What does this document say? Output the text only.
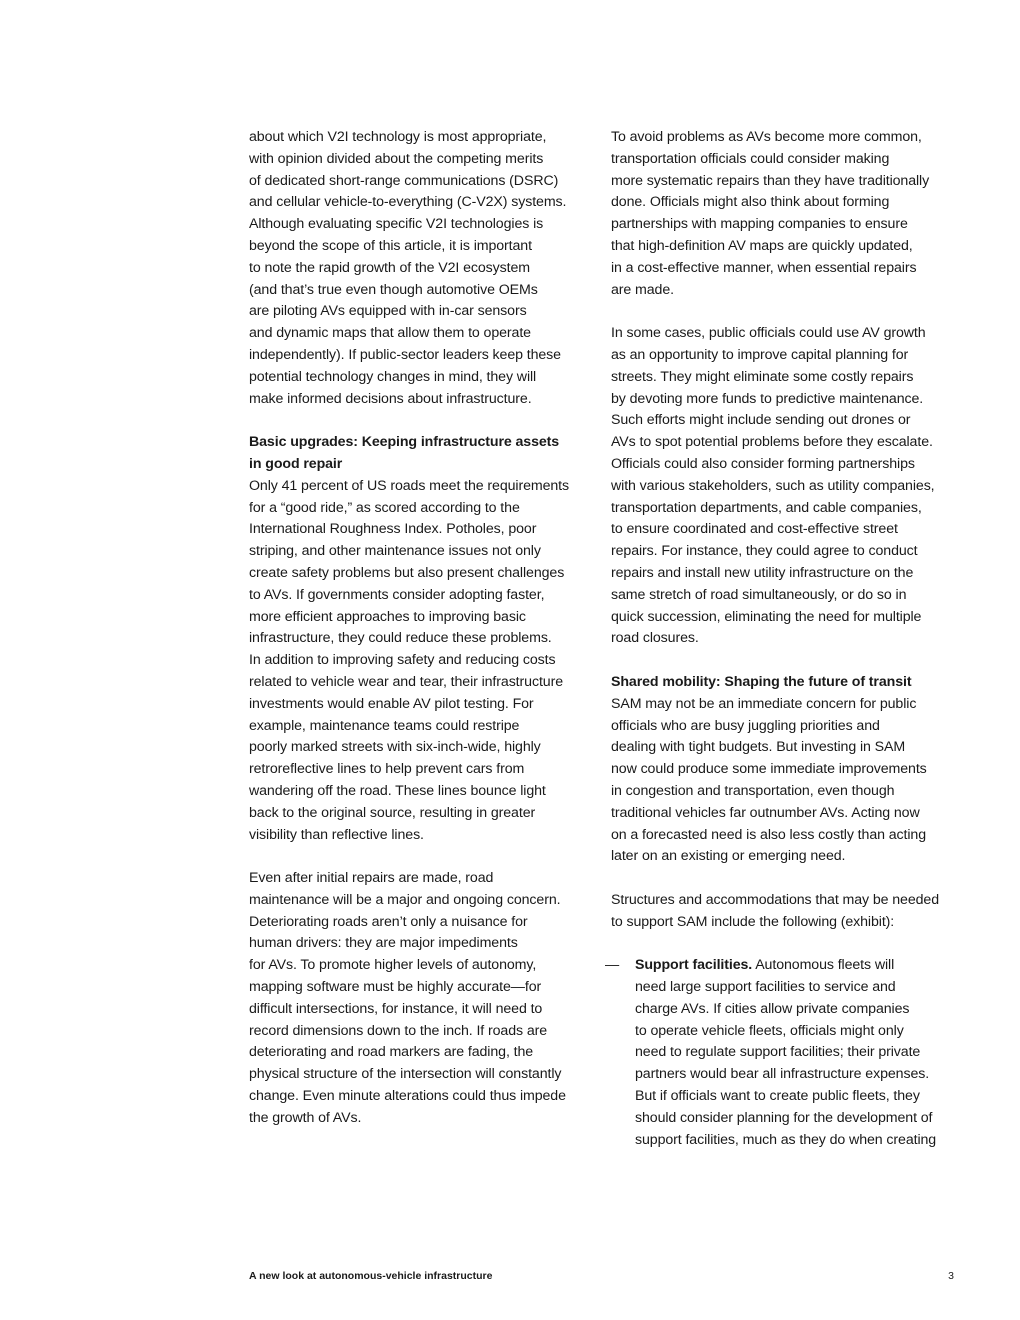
about which V2I technology is most appropriate,
with opinion divided about the competing merits
of dedicated short-range communications (DSRC)
and cellular vehicle-to-everything (C-V2X) systems.
Although evaluating specific V2I technologies is
beyond the scope of this article, it is important
to note the rapid growth of the V2I ecosystem
(and that’s true even though automotive OEMs
are piloting AVs equipped with in-car sensors
and dynamic maps that allow them to operate
independently). If public-sector leaders keep these
potential technology changes in mind, they will
make informed decisions about infrastructure.
Basic upgrades: Keeping infrastructure assets
in good repair
Only 41 percent of US roads meet the requirements
for a “good ride,” as scored according to the
International Roughness Index. Potholes, poor
striping, and other maintenance issues not only
create safety problems but also present challenges
to AVs. If governments consider adopting faster,
more efficient approaches to improving basic
infrastructure, they could reduce these problems.
In addition to improving safety and reducing costs
related to vehicle wear and tear, their infrastructure
investments would enable AV pilot testing. For
example, maintenance teams could restripe
poorly marked streets with six-inch-wide, highly
retroreflective lines to help prevent cars from
wandering off the road. These lines bounce light
back to the original source, resulting in greater
visibility than reflective lines.
Even after initial repairs are made, road
maintenance will be a major and ongoing concern.
Deteriorating roads aren’t only a nuisance for
human drivers: they are major impediments
for AVs. To promote higher levels of autonomy,
mapping software must be highly accurate—for
difficult intersections, for instance, it will need to
record dimensions down to the inch. If roads are
deteriorating and road markers are fading, the
physical structure of the intersection will constantly
change. Even minute alterations could thus impede
the growth of AVs.
To avoid problems as AVs become more common,
transportation officials could consider making
more systematic repairs than they have traditionally
done. Officials might also think about forming
partnerships with mapping companies to ensure
that high-definition AV maps are quickly updated,
in a cost-effective manner, when essential repairs
are made.
In some cases, public officials could use AV growth
as an opportunity to improve capital planning for
streets. They might eliminate some costly repairs
by devoting more funds to predictive maintenance.
Such efforts might include sending out drones or
AVs to spot potential problems before they escalate.
Officials could also consider forming partnerships
with various stakeholders, such as utility companies,
transportation departments, and cable companies,
to ensure coordinated and cost-effective street
repairs. For instance, they could agree to conduct
repairs and install new utility infrastructure on the
same stretch of road simultaneously, or do so in
quick succession, eliminating the need for multiple
road closures.
Shared mobility: Shaping the future of transit
SAM may not be an immediate concern for public
officials who are busy juggling priorities and
dealing with tight budgets. But investing in SAM
now could produce some immediate improvements
in congestion and transportation, even though
traditional vehicles far outnumber AVs. Acting now
on a forecasted need is also less costly than acting
later on an existing or emerging need.
Structures and accommodations that may be needed
to support SAM include the following (exhibit):
— Support facilities. Autonomous fleets will
need large support facilities to service and
charge AVs. If cities allow private companies
to operate vehicle fleets, officials might only
need to regulate support facilities; their private
partners would bear all infrastructure expenses.
But if officials want to create public fleets, they
should consider planning for the development of
support facilities, much as they do when creating
A new look at autonomous-vehicle infrastructure	3
